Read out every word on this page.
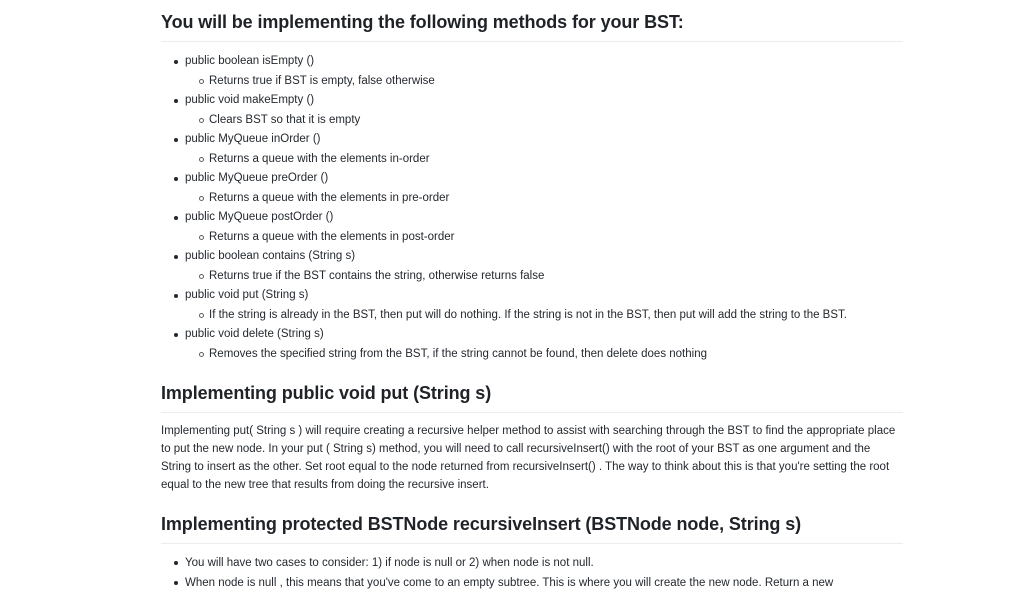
You will be implementing the following methods for your BST:
public boolean isEmpty ()
Returns true if BST is empty, false otherwise
public void makeEmpty ()
Clears BST so that it is empty
public MyQueue inOrder ()
Returns a queue with the elements in-order
public MyQueue preOrder ()
Returns a queue with the elements in pre-order
public MyQueue postOrder ()
Returns a queue with the elements in post-order
public boolean contains (String s)
Returns true if the BST contains the string, otherwise returns false
public void put (String s)
If the string is already in the BST, then put will do nothing. If the string is not in the BST, then put will add the string to the BST.
public void delete (String s)
Removes the specified string from the BST, if the string cannot be found, then delete does nothing
Implementing public void put (String s)

Implementing put( String s ) will require creating a recursive helper method to assist with searching through the BST to find the appropriate place to put the new node. In your put ( String s) method, you will need to call recursiveInsert() with the root of your BST as one argument and the String to insert as the other. Set root equal to the node returned from recursiveInsert() . The way to think about this is that you're setting the root equal to the new tree that results from doing the recursive insert.

Implementing protected BSTNode recursiveInsert (BSTNode node, String s)
You will have two cases to consider: 1) if node is null or 2) when node is not null.
When node is null , this means that you've come to an empty subtree. This is where you will create the new node. Return a new
